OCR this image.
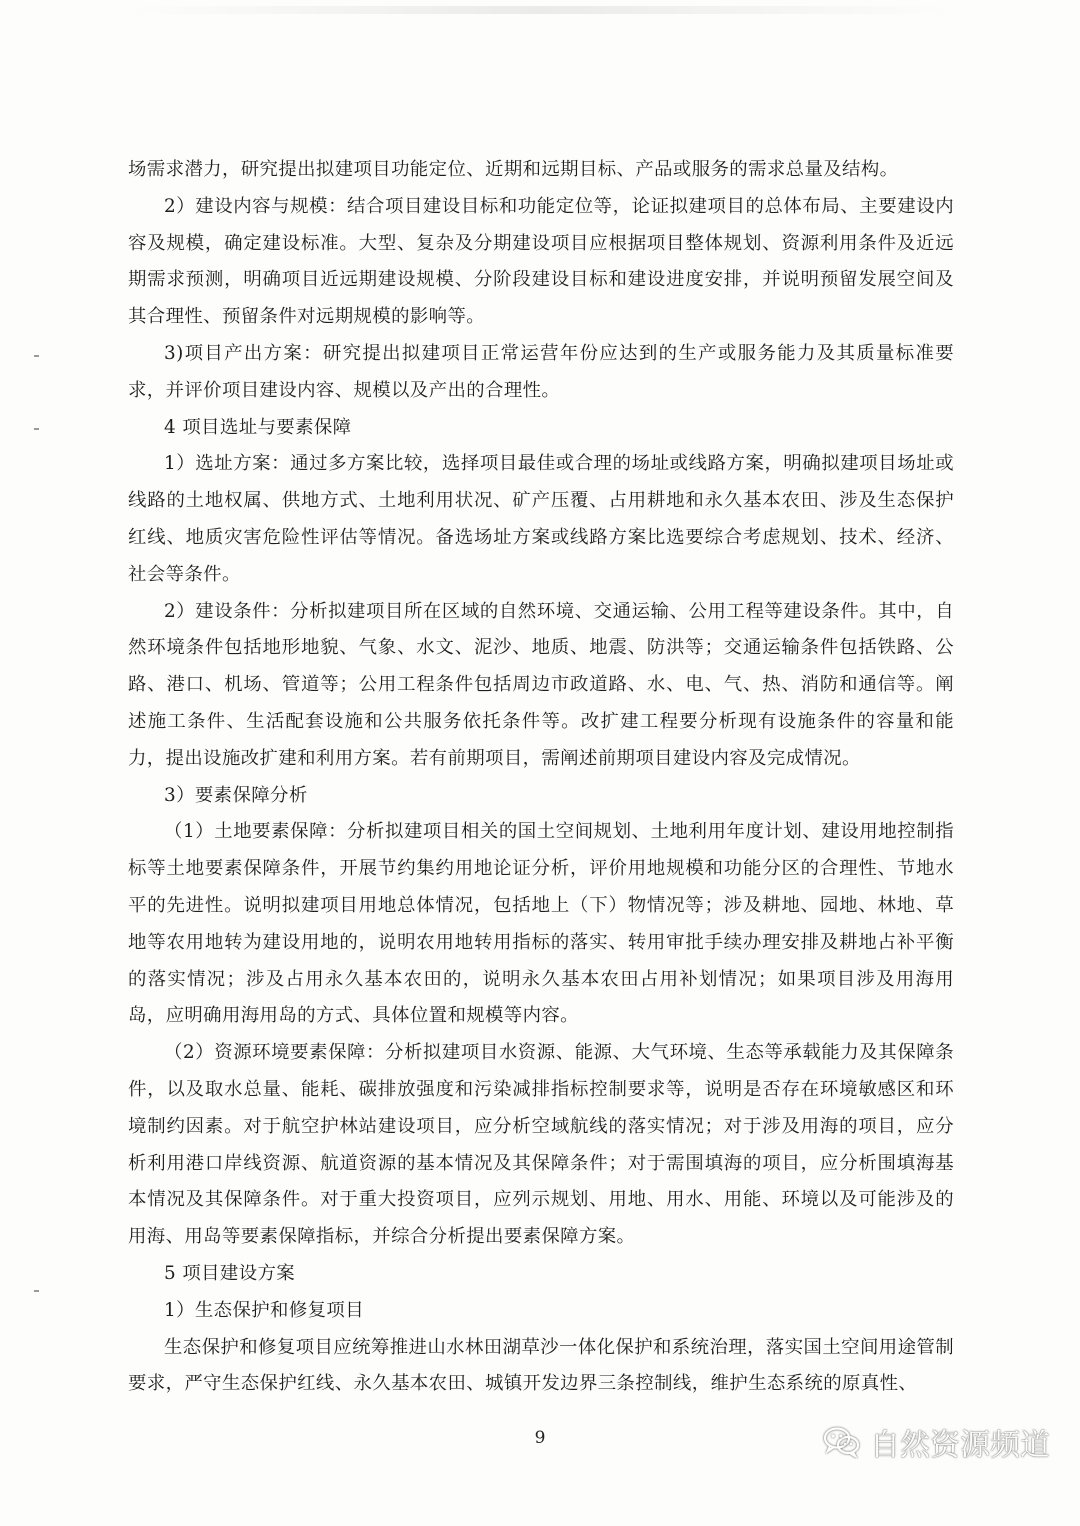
场需求潜力，研究提出拟建项目功能定位、近期和远期目标、产品或服务的需求总量及结构。

2）建设内容与规模：结合项目建设目标和功能定位等，论证拟建项目的总体布局、主要建设内容及规模，确定建设标准。大型、复杂及分期建设项目应根据项目整体规划、资源利用条件及近远期需求预测，明确项目近远期建设规模、分阶段建设目标和建设进度安排，并说明预留发展空间及其合理性、预留条件对远期规模的影响等。

3)项目产出方案：研究提出拟建项目正常运营年份应达到的生产或服务能力及其质量标准要求，并评价项目建设内容、规模以及产出的合理性。

4 项目选址与要素保障

1）选址方案：通过多方案比较，选择项目最佳或合理的场址或线路方案，明确拟建项目场址或线路的土地权属、供地方式、土地利用状况、矿产压覆、占用耕地和永久基本农田、涉及生态保护红线、地质灾害危险性评估等情况。备选场址方案或线路方案比选要综合考虑规划、技术、经济、社会等条件。

2）建设条件：分析拟建项目所在区域的自然环境、交通运输、公用工程等建设条件。其中，自然环境条件包括地形地貌、气象、水文、泥沙、地质、地震、防洪等；交通运输条件包括铁路、公路、港口、机场、管道等；公用工程条件包括周边市政道路、水、电、气、热、消防和通信等。阐述施工条件、生活配套设施和公共服务依托条件等。改扩建工程要分析现有设施条件的容量和能力，提出设施改扩建和利用方案。若有前期项目，需阐述前期项目建设内容及完成情况。

3）要素保障分析

（1）土地要素保障：分析拟建项目相关的国土空间规划、土地利用年度计划、建设用地控制指标等土地要素保障条件，开展节约集约用地论证分析，评价用地规模和功能分区的合理性、节地水平的先进性。说明拟建项目用地总体情况，包括地上（下）物情况等；涉及耕地、园地、林地、草地等农用地转为建设用地的，说明农用地转用指标的落实、转用审批手续办理安排及耕地占补平衡的落实情况；涉及占用永久基本农田的，说明永久基本农田占用补划情况；如果项目涉及用海用岛，应明确用海用岛的方式、具体位置和规模等内容。

（2）资源环境要素保障：分析拟建项目水资源、能源、大气环境、生态等承载能力及其保障条件，以及取水总量、能耗、碳排放强度和污染减排指标控制要求等，说明是否存在环境敏感区和环境制约因素。对于航空护林站建设项目，应分析空域航线的落实情况；对于涉及用海的项目，应分析利用港口岸线资源、航道资源的基本情况及其保障条件；对于需围填海的项目，应分析围填海基本情况及其保障条件。对于重大投资项目，应列示规划、用地、用水、用能、环境以及可能涉及的用海、用岛等要素保障指标，并综合分析提出要素保障方案。

5 项目建设方案

1）生态保护和修复项目

生态保护和修复项目应统筹推进山水林田湖草沙一体化保护和系统治理，落实国土空间用途管制要求，严守生态保护红线、永久基本农田、城镇开发边界三条控制线，维护生态系统的原真性、

9	自然资源频道
